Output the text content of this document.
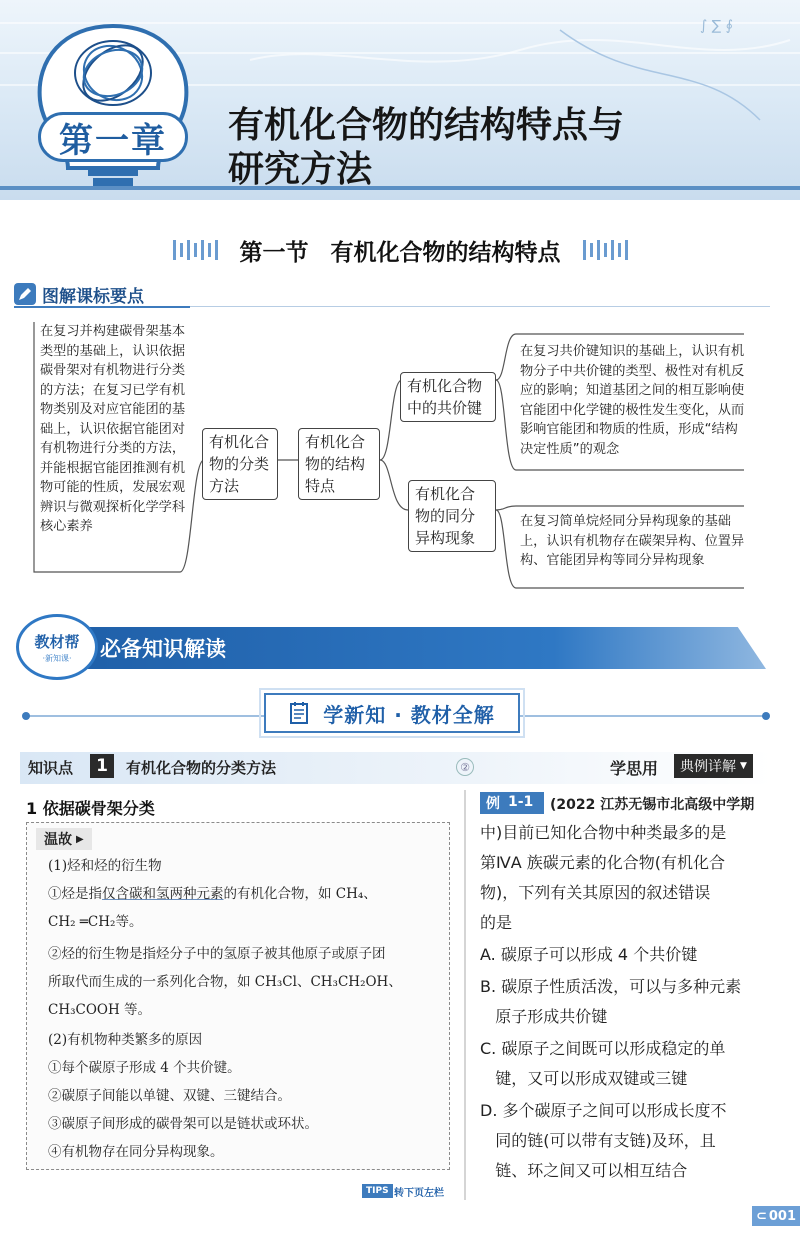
∫ ∑ ∮
第一章	有机化合物的结构特点与
研究方法
第一节 有机化合物的结构特点
图解课标要点
在复习并构建碳骨架基本类型的基础上，认识依据碳骨架对有机物进行分类的方法；在复习已学有机物类别及对应官能团的基础上，认识依据官能团对有机物进行分类的方法，并能根据官能团推测有机物可能的性质，发展宏观辨识与微观探析化学学科核心素养
有机化合物的分类方法
有机化合物的结构特点
有机化合物中的共价键
有机化合物的同分异构现象
在复习共价键知识的基础上，认识有机物分子中共价键的类型、极性对有机反应的影响；知道基团之间的相互影响使官能团中化学键的极性发生变化，从而影响官能团和物质的性质，形成“结构决定性质”的观念
在复习简单烷烃同分异构现象的基础上，认识有机物存在碳架异构、位置异构、官能团异构等同分异构现象
教材帮
·新知课· 必备知识解读
学新知 · 教材全解
知识点	1	有机化合物的分类方法	②	学思用 典例详解 ▼
1 依据碳骨架分类
温故 ▶
(1)烃和烃的衍生物
①烃是指仅含碳和氢两种元素的有机化合物，如 CH₄、
CH₂ ═CH₂等。
②烃的衍生物是指烃分子中的氢原子被其他原子或原子团
所取代而生成的一系列化合物，如 CH₃Cl、CH₃CH₂OH、
CH₃COOH 等。
(2)有机物种类繁多的原因
①每个碳原子形成 4 个共价键。
②碳原子间能以单键、双键、三键结合。
③碳原子间形成的碳骨架可以是链状或环状。
④有机物存在同分异构现象。
例 1-1 (2022 江苏无锡市北高级中学期
中)目前已知化合物中种类最多的是
第ⅣA 族碳元素的化合物(有机化合
物)，下列有关其原因的叙述错误
的是
A. 碳原子可以形成 4 个共价键
B. 碳原子性质活泼，可以与多种元素
原子形成共价键
C. 碳原子之间既可以形成稳定的单
键，又可以形成双键或三键
D. 多个碳原子之间可以形成长度不
同的链(可以带有支链)及环，且
链、环之间又可以相互结合
TIPS 转下页左栏
⊂ 001
